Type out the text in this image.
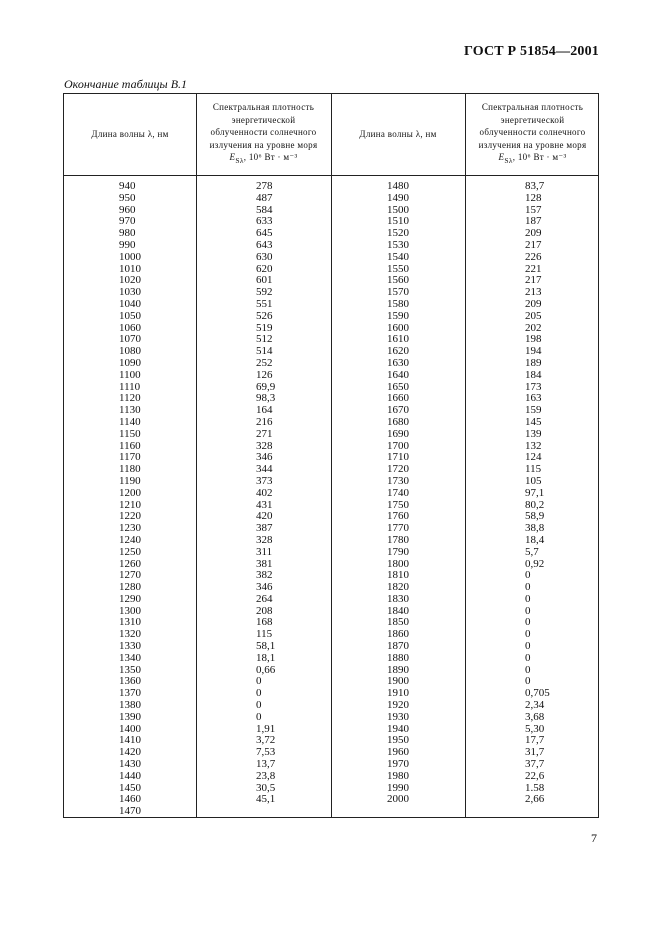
ГОСТ Р 51854—2001
Окончание таблицы В.1
Длина волны λ, нм
Спектральная плотность
энергетической
облученности солнечного
излучения на уровне моря
$E_{S\lambda}$, 10⁶ Вт · м⁻³
Длина волны λ, нм
Спектральная плотность
энергетической
облученности солнечного
излучения на уровне моря
$E_{S\lambda}$, 10⁶ Вт · м⁻³
940
950
960
970
980
990
1000
1010
1020
1030
1040
1050
1060
1070
1080
1090
1100
1110
1120
1130
1140
1150
1160
1170
1180
1190
1200
1210
1220
1230
1240
1250
1260
1270
1280
1290
1300
1310
1320
1330
1340
1350
1360
1370
1380
1390
1400
1410
1420
1430
1440
1450
1460
1470
278
487
584
633
645
643
630
620
601
592
551
526
519
512
514
252
126
69,9
98,3
164
216
271
328
346
344
373
402
431
420
387
328
311
381
382
346
264
208
168
115
58,1
18,1
0,66
0
0
0
0
1,91
3,72
7,53
13,7
23,8
30,5
45,1
1480
1490
1500
1510
1520
1530
1540
1550
1560
1570
1580
1590
1600
1610
1620
1630
1640
1650
1660
1670
1680
1690
1700
1710
1720
1730
1740
1750
1760
1770
1780
1790
1800
1810
1820
1830
1840
1850
1860
1870
1880
1890
1900
1910
1920
1930
1940
1950
1960
1970
1980
1990
2000
83,7
128
157
187
209
217
226
221
217
213
209
205
202
198
194
189
184
173
163
159
145
139
132
124
115
105
97,1
80,2
58,9
38,8
18,4
5,7
0,92
0
0
0
0
0
0
0
0
0
0
0,705
2,34
3,68
5,30
17,7
31,7
37,7
22,6
1.58
2,66
7
